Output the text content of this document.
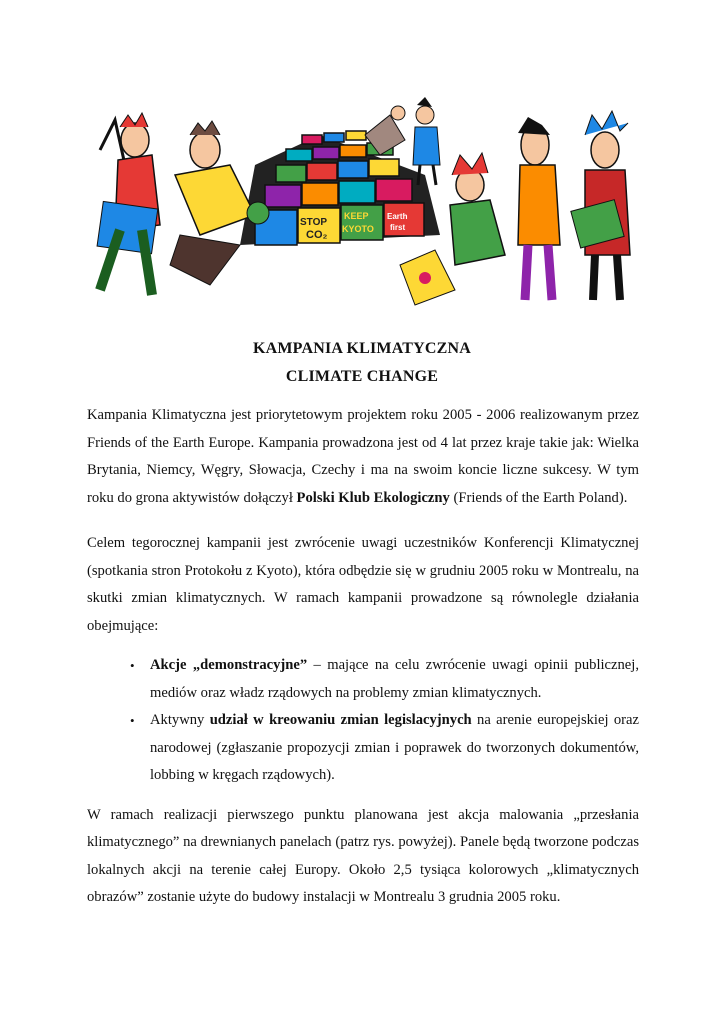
STOP
CO₂
KEEP
KYOTO
Earth
first
KAMPANIA KLIMATYCZNA
CLIMATE CHANGE

Kampania Klimatyczna jest priorytetowym projektem roku 2005 - 2006 realizowanym przez Friends of the Earth Europe. Kampania prowadzona jest od 4 lat przez kraje takie jak: Wielka Brytania, Niemcy, Węgry, Słowacja, Czechy i ma na swoim koncie liczne sukcesy. W tym roku do grona aktywistów dołączył Polski Klub Ekologiczny (Friends of the Earth Poland).

Celem tegorocznej kampanii jest zwrócenie uwagi uczestników Konferencji Klimatycznej (spotkania stron Protokołu z Kyoto), która odbędzie się w grudniu 2005 roku w Montrealu, na skutki zmian klimatycznych. W ramach kampanii prowadzone są równolegle działania obejmujące:

• Akcje „demonstracyjne” – mające na celu zwrócenie uwagi opinii publicznej, mediów oraz władz rządowych na problemy zmian klimatycznych.
• Aktywny udział w kreowaniu zmian legislacyjnych na arenie europejskiej oraz narodowej (zgłaszanie propozycji zmian i poprawek do tworzonych dokumentów, lobbing w kręgach rządowych).

W ramach realizacji pierwszego punktu planowana jest akcja malowania „przesłania klimatycznego” na drewnianych panelach (patrz rys. powyżej). Panele będą tworzone podczas lokalnych akcji na terenie całej Europy. Około 2,5 tysiąca kolorowych „klimatycznych obrazów” zostanie użyte do budowy instalacji w Montrealu 3 grudnia 2005 roku.
